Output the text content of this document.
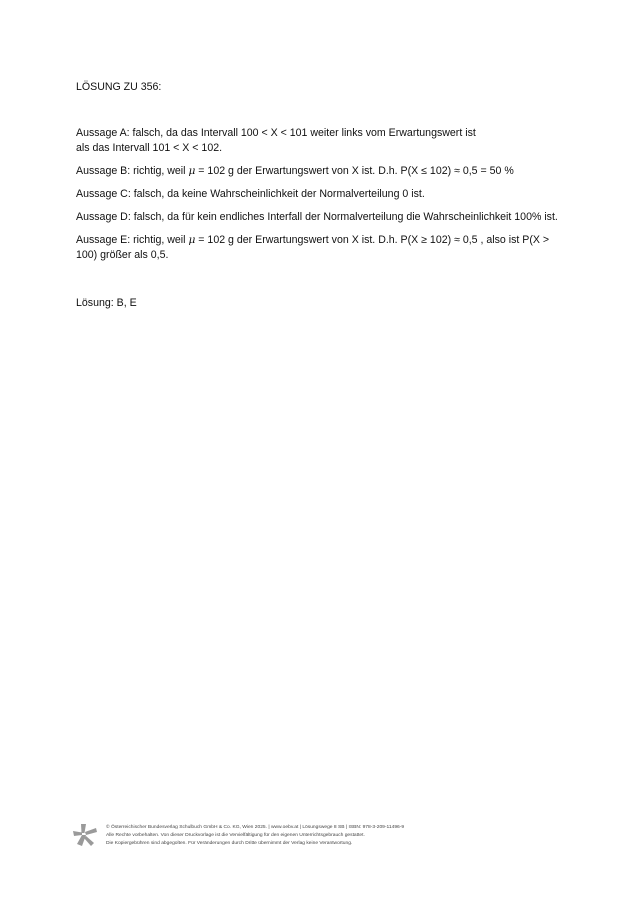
LÖSUNG ZU 356:

Aussage A: falsch, da das Intervall 100 < X < 101 weiter links vom Erwartungswert ist
als das Intervall 101 < X < 102.

Aussage B: richtig, weil μ = 102 g der Erwartungswert von X ist. D.h. P(X ≤ 102) ≈ 0,5 = 50 %

Aussage C: falsch, da keine Wahrscheinlichkeit der Normalverteilung 0 ist.

Aussage D: falsch, da für kein endliches Interfall der Normalverteilung die Wahrscheinlichkeit 100% ist.

Aussage E: richtig, weil μ = 102 g der Erwartungswert von X ist. D.h. P(X ≥ 102) ≈ 0,5 , also ist P(X > 100) größer als 0,5.

Lösung: B, E

© Österreichischer Bundesverlag Schulbuch GmbH & Co. KG, Wien 2025. | www.oebv.at | Lösungswege 8 SB | ISBN: 978-3-209-11496-9
Alle Rechte vorbehalten. Von dieser Druckvorlage ist die Vervielfältigung für den eigenen Unterrichtsgebrauch gestattet.
Die Kopiergebühren sind abgegolten. Für Veränderungen durch Dritte übernimmt der Verlag keine Verantwortung.
